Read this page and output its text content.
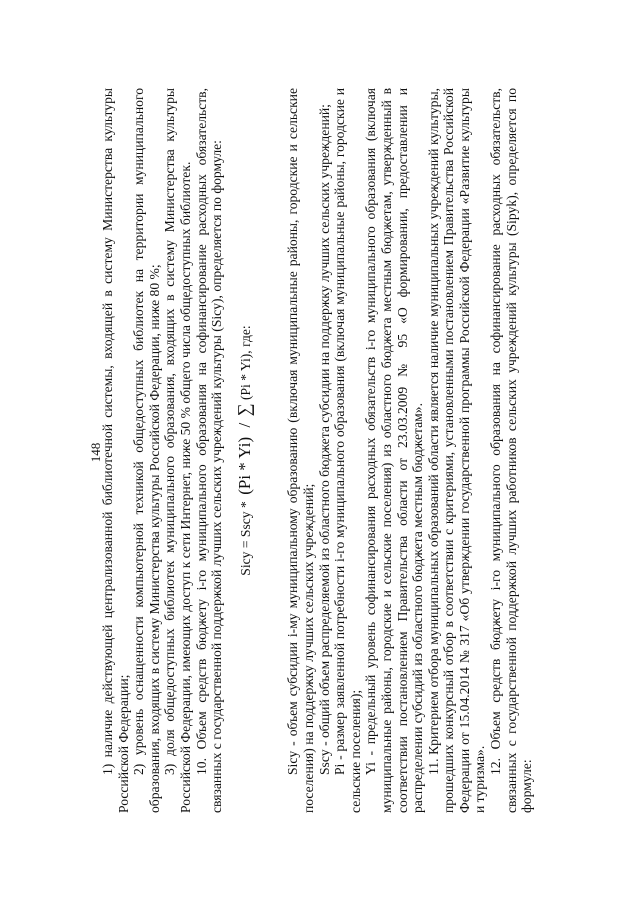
148

1) наличие действующей централизованной библиотечной системы, входящей в систему Министерства культуры Российской Федерации; 2) уровень оснащенности компьютерной техникой общедоступных библиотек на территории муниципального образования, входящих в систему Министерства культуры Российской Федерации, ниже 80 %; 3) доля общедоступных библиотек муниципального образования, входящих в систему Министерства культуры Российской Федерации, имеющих доступ к сети Интернет, ниже 50 % общего числа общедоступных библиотек. 10. Объем средств бюджету i-го муниципального образования на софинансирование расходных обязательств, связанных с государственной поддержкой лучших сельских учреждений культуры (Sicy), определяется по формуле: Sicy = Sscy * (Pi * Yi) / ∑ (Pi * Yi), где: Sicy - объем субсидии i-му муниципальному образованию (включая муниципальные районы, городские и сельские поселения) на поддержку лучших сельских учреждений; Sscy - общий объем распределяемой из областного бюджета субсидии на поддержку лучших сельских учреждений; Pi - размер заявленной потребности i-го муниципального образования (включая муниципальные районы, городские и сельские поселения); Yi - предельный уровень софинансирования расходных обязательств i-го муниципального образования (включая муниципальные районы, городские и сельские поселения) из областного бюджета местным бюджетам, утвержденный в соответствии постановлением Правительства области от 23.03.2009 № 95 «О формировании, предоставлении и распределении субсидий из областного бюджета местным бюджетам». 11. Критерием отбора муниципальных образований области является наличие муниципальных учреждений культуры, прошедших конкурсный отбор в соответствии с критериями, установленными постановлением Правительства Российской Федерации от 15.04.2014 № 317 «Об утверждении государственной программы Российской Федерации «Развитие культуры и туризма».

12. Объем средств бюджету i-го муниципального образования на софинансирование расходных обязательств, связанных с государственной поддержкой лучших работников сельских учреждений культуры (Sipyk), определяется по формуле:
